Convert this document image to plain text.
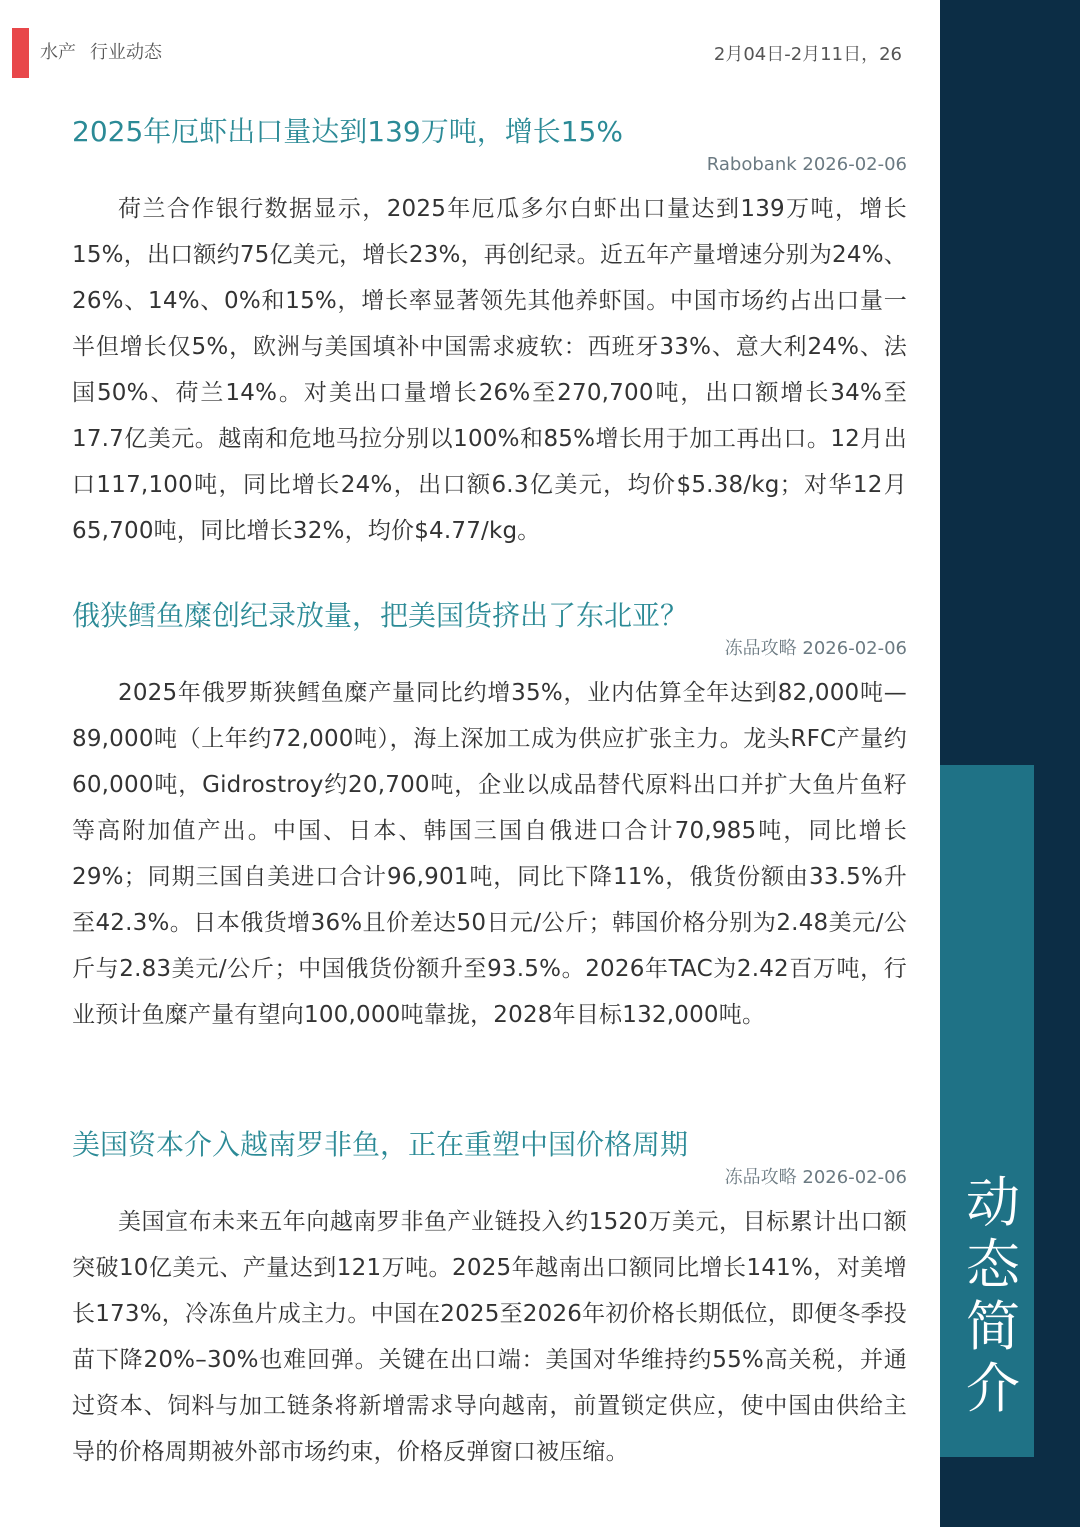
水产 行业动态	2月04日-2月11日，26
动
态
简
介
2025年厄虾出口量达到139万吨，增长15%
Rabobank 2026-02-06
荷兰合作银行数据显示，2025年厄瓜多尔白虾出口量达到139万吨，增长15%，出口额约75亿美元，增长23%，再创纪录。近五年产量增速分别为24%、26%、14%、0%和15%，增长率显著领先其他养虾国。中国市场约占出口量一半但增长仅5%，欧洲与美国填补中国需求疲软：西班牙33%、意大利24%、法国50%、荷兰14%。对美出口量增长26%至270,700吨，出口额增长34%至17.7亿美元。越南和危地马拉分别以100%和85%增长用于加工再出口。12月出口117,100吨，同比增长24%，出口额6.3亿美元，均价$5.38/kg；对华12月65,700吨，同比增长32%，均价$4.77/kg。
俄狭鳕鱼糜创纪录放量，把美国货挤出了东北亚？
冻品攻略 2026-02-06
2025年俄罗斯狭鳕鱼糜产量同比约增35%，业内估算全年达到82,000吨—89,000吨（上年约72,000吨），海上深加工成为供应扩张主力。龙头RFC产量约60,000吨，Gidrostroy约20,700吨，企业以成品替代原料出口并扩大鱼片鱼籽等高附加值产出。中国、日本、韩国三国自俄进口合计70,985吨，同比增长29%；同期三国自美进口合计96,901吨，同比下降11%，俄货份额由33.5%升至42.3%。日本俄货增36%且价差达50日元/公斤；韩国价格分别为2.48美元/公斤与2.83美元/公斤；中国俄货份额升至93.5%。2026年TAC为2.42百万吨，行业预计鱼糜产量有望向100,000吨靠拢，2028年目标132,000吨。
美国资本介入越南罗非鱼，正在重塑中国价格周期
冻品攻略 2026-02-06
美国宣布未来五年向越南罗非鱼产业链投入约1520万美元，目标累计出口额突破10亿美元、产量达到121万吨。2025年越南出口额同比增长141%，对美增长173%，冷冻鱼片成主力。中国在2025至2026年初价格长期低位，即便冬季投苗下降20%–30%也难回弹。关键在出口端：美国对华维持约55%高关税，并通过资本、饲料与加工链条将新增需求导向越南，前置锁定供应，使中国由供给主导的价格周期被外部市场约束，价格反弹窗口被压缩。
